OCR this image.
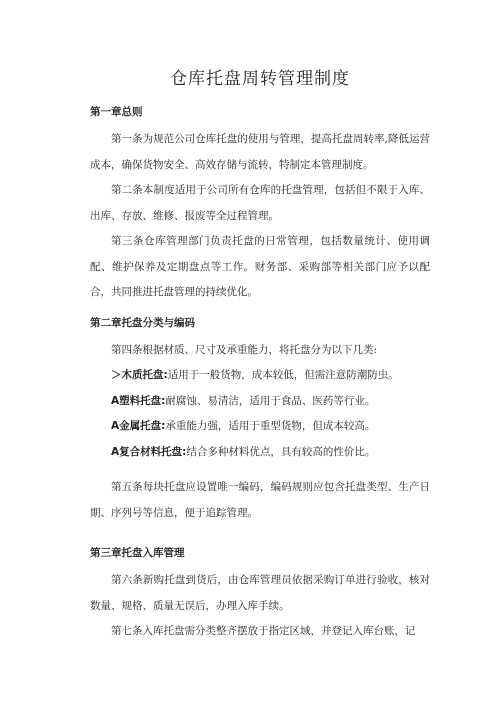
仓库托盘周转管理制度
第一章总则

第一条为规范公司仓库托盘的使用与管理，提高托盘周转率,降低运营成本，确保货物安全、高效存储与流转，特制定本管理制度。

第二条本制度适用于公司所有仓库的托盘管理，包括但不限于入库、出库、存放、维修、报废等全过程管理。

第三条仓库管理部门负责托盘的日常管理，包括数量统计、使用调配、维护保养及定期盘点等工作。财务部、采购部等相关部门应予以配合，共同推进托盘管理的持续优化。

第二章托盘分类与编码

第四条根据材质、尺寸及承重能力，将托盘分为以下几类:

＞木质托盘:适用于一般货物，成本较低，但需注意防潮防虫。

A塑料托盘:耐腐蚀、易清洁，适用于食品、医药等行业。

A金属托盘:承重能力强，适用于重型货物，但成本较高。

A复合材料托盘:结合多种材料优点，具有较高的性价比。

第五条每块托盘应设置唯一编码，编码规则应包含托盘类型、生产日期、序列号等信息，便于追踪管理。

第三章托盘入库管理

第六条新购托盘到货后，由仓库管理员依据采购订单进行验收，核对数量、规格、质量无误后，办理入库手续。

第七条入库托盘需分类整齐摆放于指定区域，并登记入库台账，记
